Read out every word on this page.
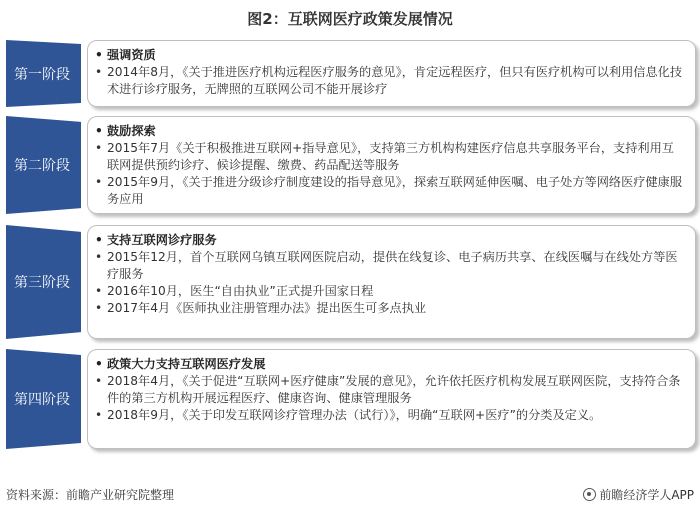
图2：互联网医疗政策发展情况
第一阶段
• 强调资质
• 2014年8月，《关于推进医疗机构远程医疗服务的意见》，肯定远程医疗，但只有医疗机构可以利用信息化技术进行诊疗服务，无牌照的互联网公司不能开展诊疗
第二阶段
• 鼓励探索
• 2015年7月《关于积极推进互联网+指导意见》，支持第三方机构构建医疗信息共享服务平台，支持利用互联网提供预约诊疗、候诊提醒、缴费、药品配送等服务
• 2015年9月，《关于推进分级诊疗制度建设的指导意见》，探索互联网延伸医嘱、电子处方等网络医疗健康服务应用
第三阶段
• 支持互联网诊疗服务
• 2015年12月，首个互联网乌镇互联网医院启动，提供在线复诊、电子病历共享、在线医嘱与在线处方等医疗服务
• 2016年10月，医生“自由执业”正式提升国家日程
• 2017年4月《医师执业注册管理办法》提出医生可多点执业
第四阶段
• 政策大力支持互联网医疗发展
• 2018年4月，《关于促进“互联网+医疗健康”发展的意见》，允许依托医疗机构发展互联网医院，支持符合条件的第三方机构开展远程医疗、健康咨询、健康管理服务
• 2018年9月，《关于印发互联网诊疗管理办法（试行）》，明确“互联网+医疗”的分类及定义。
资料来源：前瞻产业研究院整理	前瞻经济学人APP
